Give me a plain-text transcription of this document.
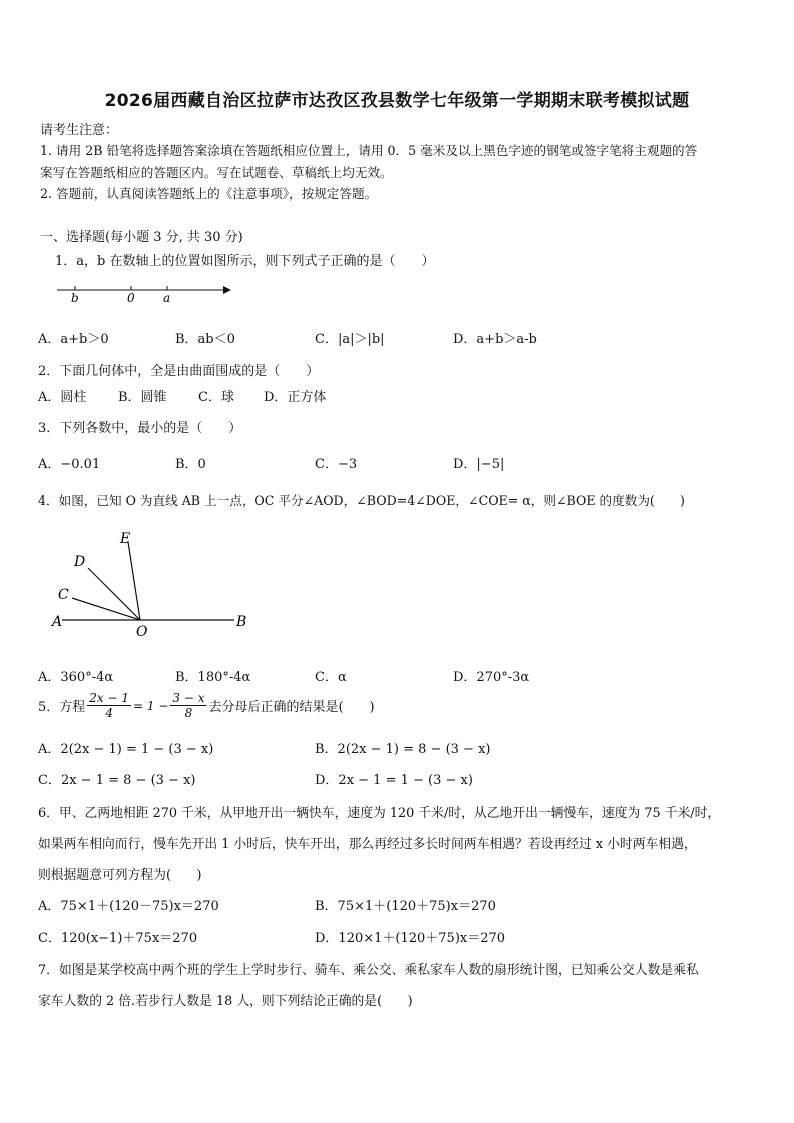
2026届西藏自治区拉萨市达孜区孜县数学七年级第一学期期末联考模拟试题
请考生注意：
1. 请用 2B 铅笔将选择题答案涂填在答题纸相应位置上，请用 0．5 毫米及以上黑色字迹的钢笔或签字笔将主观题的答
案写在答题纸相应的答题区内。写在试题卷、草稿纸上均无效。
2. 答题前，认真阅读答题纸上的《注意事项》，按规定答题。
一、选择题(每小题 3 分, 共 30 分)
1．a，b 在数轴上的位置如图所示，则下列式子正确的是（　　）
b	0 a
A．a+b＞0	B．ab＜0	C．|a|＞|b|	D．a+b＞a-b
2．下面几何体中，全是由曲面围成的是（　　）
A．圆柱 B．圆锥 C．球 D．正方体
3．下列各数中，最小的是（　　）
A．−0.01	B．0	C．−3	D．|−5|
4．如图，已知 O 为直线 AB 上一点，OC 平分∠AOD，∠BOD=4∠DOE，∠COE= α，则∠BOE 的度数为(　　)
E
D
C
A
O
B
A．360°-4α	B．180°-4α	C．α	D．270°-3α
5．方程 $\frac{2x - 1}{4} = 1 - \frac{3 - x}{8}$ 去分母后正确的结果是(　　)
A．2(2x − 1) = 1 − (3 − x)	B．2(2x − 1) = 8 − (3 − x)
C．2x − 1 = 8 − (3 − x)	D．2x − 1 = 1 − (3 − x)
6．甲、乙两地相距 270 千米，从甲地开出一辆快车，速度为 120 千米/时，从乙地开出一辆慢车，速度为 75 千米/时，
如果两车相向而行，慢车先开出 1 小时后，快车开出，那么再经过多长时间两车相遇？若设再经过 x 小时两车相遇，
则根据题意可列方程为(　　)
A．75×1＋(120－75)x＝270	B．75×1＋(120＋75)x＝270
C．120(x−1)＋75x＝270	D．120×1＋(120＋75)x＝270
7．如图是某学校高中两个班的学生上学时步行、骑车、乘公交、乘私家车人数的扇形统计图，已知乘公交人数是乘私
家车人数的 2 倍.若步行人数是 18 人，则下列结论正确的是(　　)
